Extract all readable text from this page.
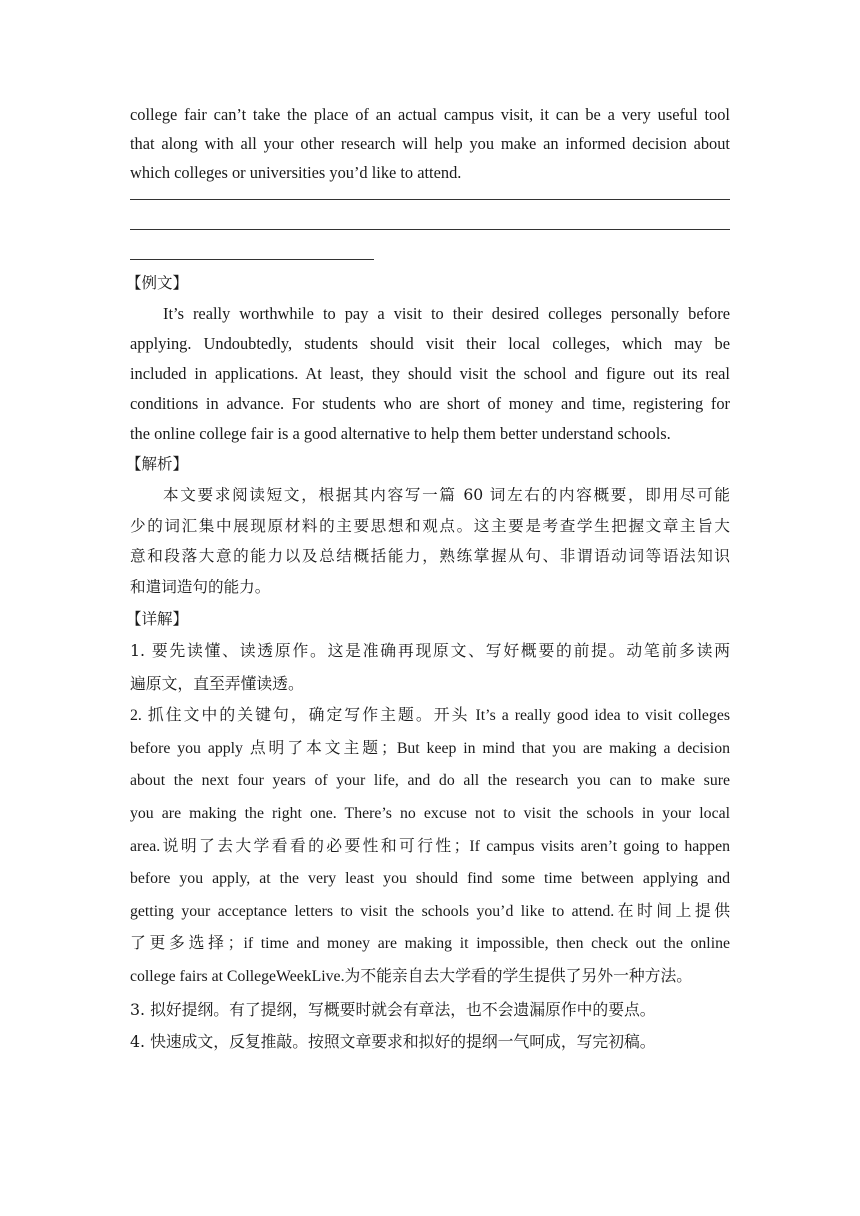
college fair can’t take the place of an actual campus visit, it can be a very useful tool
that along with all your other research will help you make an informed decision about
which colleges or universities you’d like to attend.
【例文】
It’s really worthwhile to pay a visit to their desired colleges personally before
applying. Undoubtedly, students should visit their local colleges, which may be
included in applications. At least, they should visit the school and figure out its real
conditions in advance. For students who are short of money and time, registering for
the online college fair is a good alternative to help them better understand schools.
【解析】
本文要求阅读短文，根据其内容写一篇 60 词左右的内容概要，即用尽可能
少的词汇集中展现原材料的主要思想和观点。这主要是考查学生把握文章主旨大
意和段落大意的能力以及总结概括能力，熟练掌握从句、非谓语动词等语法知识
和遣词造句的能力。
【详解】
1. 要先读懂、读透原作。这是准确再现原文、写好概要的前提。动笔前多读两
遍原文，直至弄懂读透。
2. 抓住文中的关键句，确定写作主题。开头 It’s a really good idea to visit colleges
before you apply 点明了本文主题；But keep in mind that you are making a decision
about the next four years of your life, and do all the research you can to make sure
you are making the right one. There’s no excuse not to visit the schools in your local
area.说明了去大学看看的必要性和可行性；If campus visits aren’t going to happen
before you apply, at the very least you should find some time between applying and
getting your acceptance letters to visit the schools you’d like to attend.在时间上提供
了更多选择；if time and money are making it impossible, then check out the online
college fairs at CollegeWeekLive.为不能亲自去大学看的学生提供了另外一种方法。
3. 拟好提纲。有了提纲，写概要时就会有章法，也不会遗漏原作中的要点。
4. 快速成文，反复推敲。按照文章要求和拟好的提纲一气呵成，写完初稿。
